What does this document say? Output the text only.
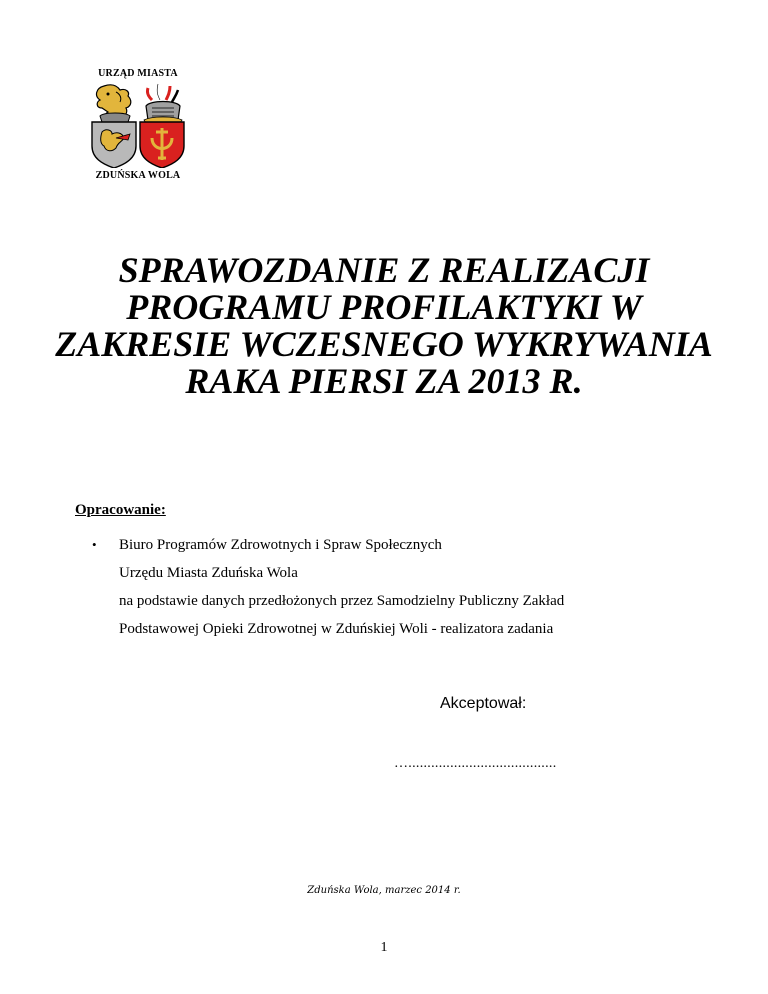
URZĄD MIASTA
ZDUŃSKA WOLA
SPRAWOZDANIE Z REALIZACJI
PROGRAMU PROFILAKTYKI W
ZAKRESIE WCZESNEGO WYKRYWANIA
RAKA PIERSI ZA 2013 R.

Opracowanie:

• Biuro Programów Zdrowotnych i Spraw Społecznych
Urzędu Miasta Zduńska Wola
na podstawie danych przedłożonych przez Samodzielny Publiczny Zakład
Podstawowej Opieki Zdrowotnej w Zduńskiej Woli - realizatora zadania
Akceptował:
….......................................
Zduńska Wola, marzec 2014 r.
1
